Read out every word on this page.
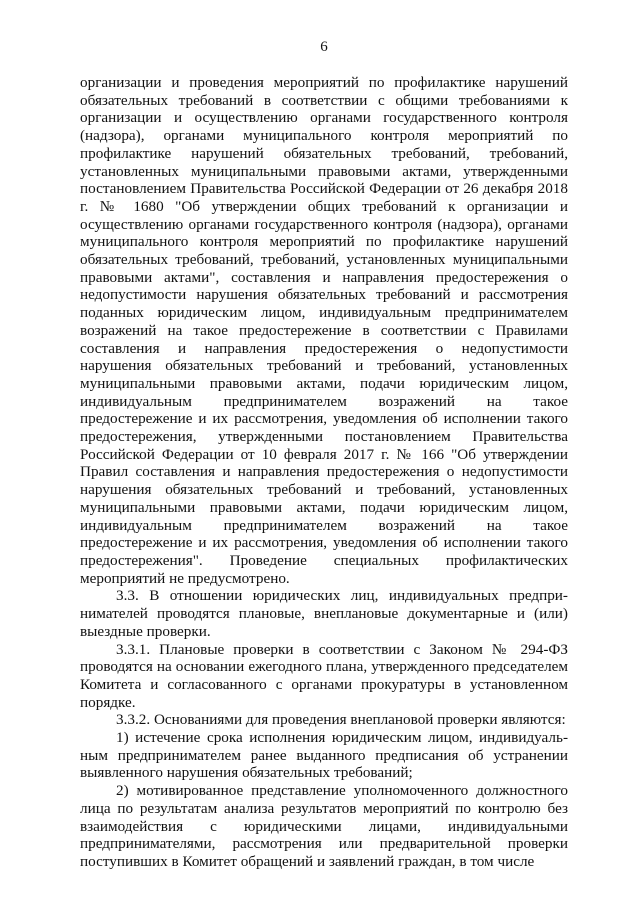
6

организации и проведения мероприятий по профилактике нарушений обязательных требований в соответствии с общими требованиями к организации и осуществлению органами государственного контроля (надзора), органами муниципального контроля мероприятий по профилактике нарушений обязательных требований, требований, установленных муниципальными правовыми актами, утвержденными постановлением Правительства Российской Федерации от 26 декабря 2018 г. № 1680 "Об утверждении общих требований к организации и осуществлению органами государственного контроля (надзора), органами муниципального контроля мероприятий по профилактике нарушений обязательных требований, требований, установленных муниципальными правовыми актами", составления и направления предостережения о недопустимости нарушения обязательных требований и рассмотрения поданных юридическим лицом, индивидуальным предпринимателем возражений на такое предостережение в соответствии с Правилами составления и направления предостережения о недопустимости нарушения обязательных требований и требований, установленных муниципальными правовыми актами, подачи юридическим лицом, индивидуальным предпринимателем возражений на такое предостережение и их рассмотрения, уведомления об исполнении такого предостережения, утвержденными постановлением Правительства Российской Федерации от 10 февраля 2017 г. № 166 "Об утверждении Правил составления и направления предостережения о недопустимости нарушения обязательных требований и требований, установленных муниципальными правовыми актами, подачи юридическим лицом, индивидуальным предпринимателем возражений на такое предостережение и их рассмотрения, уведомления об исполнении такого предостережения". Проведение специальных профилактических мероприятий не предусмотрено.

3.3. В отношении юридических лиц, индивидуальных предпри-нимателей проводятся плановые, внеплановые документарные и (или) выездные проверки.

3.3.1. Плановые проверки в соответствии с Законом № 294-ФЗ проводятся на основании ежегодного плана, утвержденного председателем Комитета и согласованного с органами прокуратуры в установленном порядке.

3.3.2. Основаниями для проведения внеплановой проверки являются:

1) истечение срока исполнения юридическим лицом, индивидуаль-ным предпринимателем ранее выданного предписания об устранении выявленного нарушения обязательных требований;

2) мотивированное представление уполномоченного должностного лица по результатам анализа результатов мероприятий по контролю без взаимодействия с юридическими лицами, индивидуальными предпринимателями, рассмотрения или предварительной проверки поступивших в Комитет обращений и заявлений граждан, в том числе
